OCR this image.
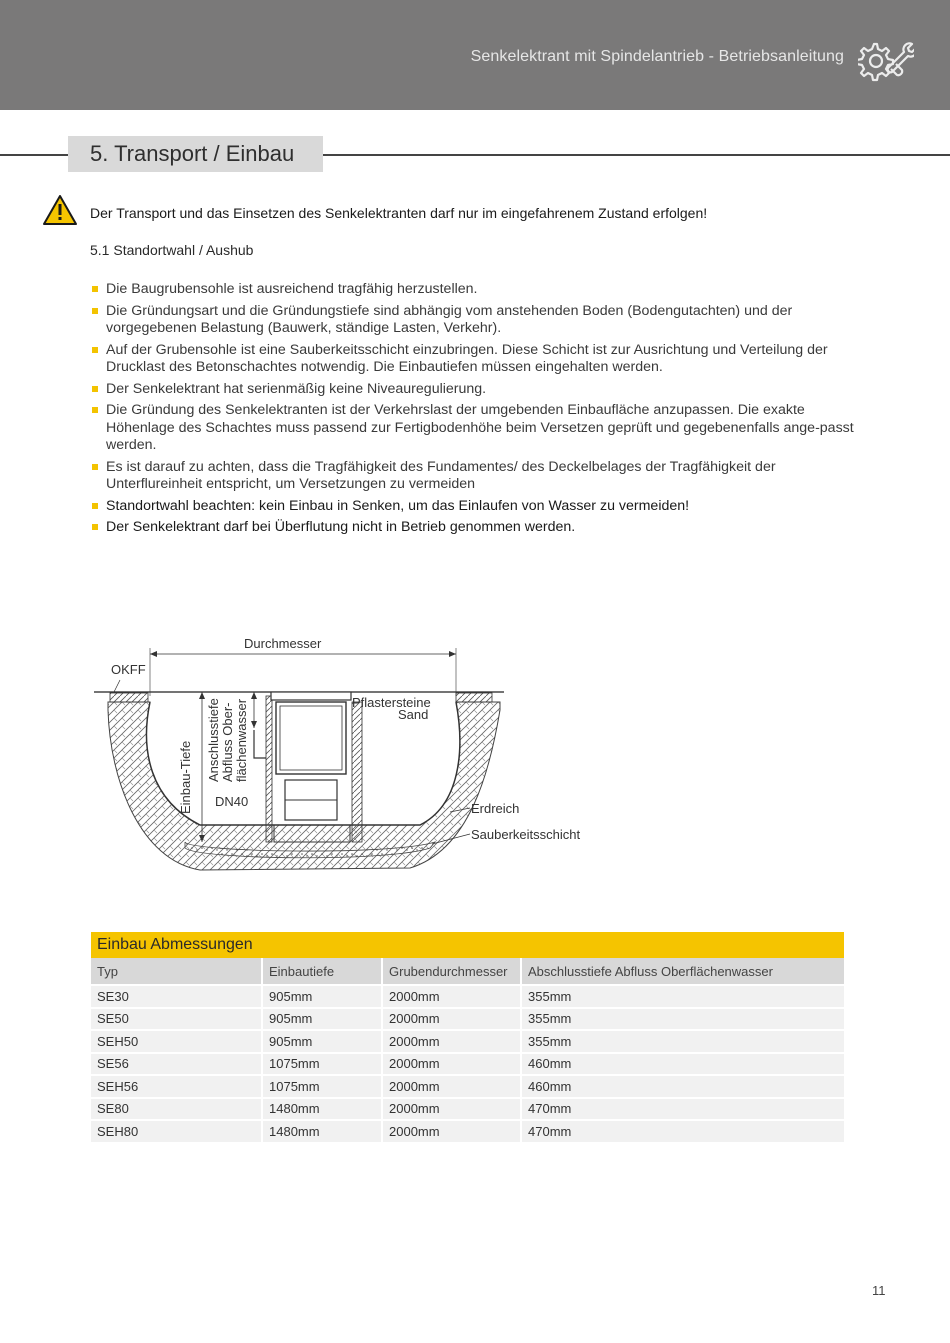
Senkelektrant mit Spindelantrieb - Betriebsanleitung
5. Transport / Einbau
Der Transport und das Einsetzen des Senkelektranten darf nur im eingefahrenem Zustand erfolgen!
5.1 Standortwahl / Aushub
Die Baugrubensohle ist ausreichend tragfähig herzustellen.
Die Gründungsart und die Gründungstiefe sind abhängig vom anstehenden Boden (Bodengutachten) und der vorgegebenen Belastung (Bauwerk, ständige Lasten, Verkehr).
Auf der Grubensohle ist eine Sauberkeitsschicht einzubringen. Diese Schicht ist zur Ausrichtung und Verteilung der Drucklast des Betonschachtes notwendig. Die Einbautiefen müssen eingehalten werden.
Der Senkelektrant hat serienmäßig keine Niveauregulierung.
Die Gründung des Senkelektranten ist der Verkehrslast der umgebenden Einbaufläche anzupassen. Die exakte Höhenlage des Schachtes muss passend zur Fertigbodenhöhe beim Versetzen geprüft und gegebenenfalls ange-passt werden.
Es ist darauf zu achten, dass die Tragfähigkeit des Fundamentes/ des Deckelbelages der Tragfähigkeit der Unterflureinheit entspricht, um Versetzungen zu vermeiden
Standortwahl beachten: kein Einbau in Senken, um das Einlaufen von Wasser zu vermeiden!
Der Senkelektrant darf bei Überflutung nicht in Betrieb genommen werden.
Durchmesser
OKFF
Pflastersteine
Sand
Einbau-Tiefe Anschlusstiefe Abfluss Ober- flächenwasser
DN40	Erdreich
Sauberkeitsschicht
Einbau Abmessungen
Typ	Einbautiefe	Grubendurchmesser	Abschlusstiefe Abfluss Oberflächenwasser
SE30	905mm	2000mm	355mm
SE50	905mm	2000mm	355mm
SEH50	905mm	2000mm	355mm
SE56	1075mm	2000mm	460mm
SEH56	1075mm	2000mm	460mm
SE80	1480mm	2000mm	470mm
SEH80	1480mm	2000mm	470mm
11
